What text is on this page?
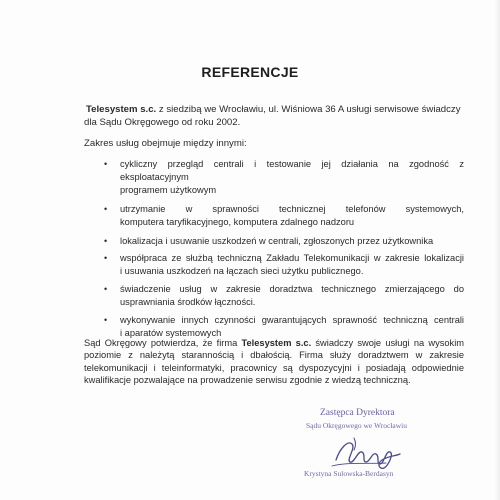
REFERENCJE
Telesystem s.c. z siedzibą we Wrocławiu, ul. Wiśniowa 36 A usługi serwisowe świadczy dla Sądu Okręgowego od roku 2002.
Zakres usług obejmuje między innymi:
• cykliczny przegląd centrali i testowanie jej działania na zgodność z eksploatacyjnym
programem użytkowym
• utrzymanie w sprawności technicznej telefonów systemowych,
komputera taryfikacyjnego, komputera zdalnego nadzoru
• lokalizacja i usuwanie uszkodzeń w centrali, zgłoszonych przez użytkownika
• współpraca ze służbą techniczną Zakładu Telekomunikacji w zakresie lokalizacji
i usuwania uszkodzeń na łączach sieci użytku publicznego.
• świadczenie usług w zakresie doradztwa technicznego zmierzającego do
usprawniania środków łączności.
• wykonywanie innych czynności gwarantujących sprawność techniczną centrali
i aparatów systemowych
Sąd Okręgowy potwierdza, że firma Telesystem s.c. świadczy swoje usługi na wysokim poziomie z należytą starannością i dbałością. Firma służy doradztwem w zakresie telekomunikacji i teleinformatyki, pracownicy są dyspozycyjni i posiadają odpowiednie kwalifikacje pozwalające na prowadzenie serwisu zgodnie z wiedzą techniczną.
Zastępca Dyrektora
Sądu Okręgowego we Wrocławiu
Krystyna Sulowska-Berdasyn
